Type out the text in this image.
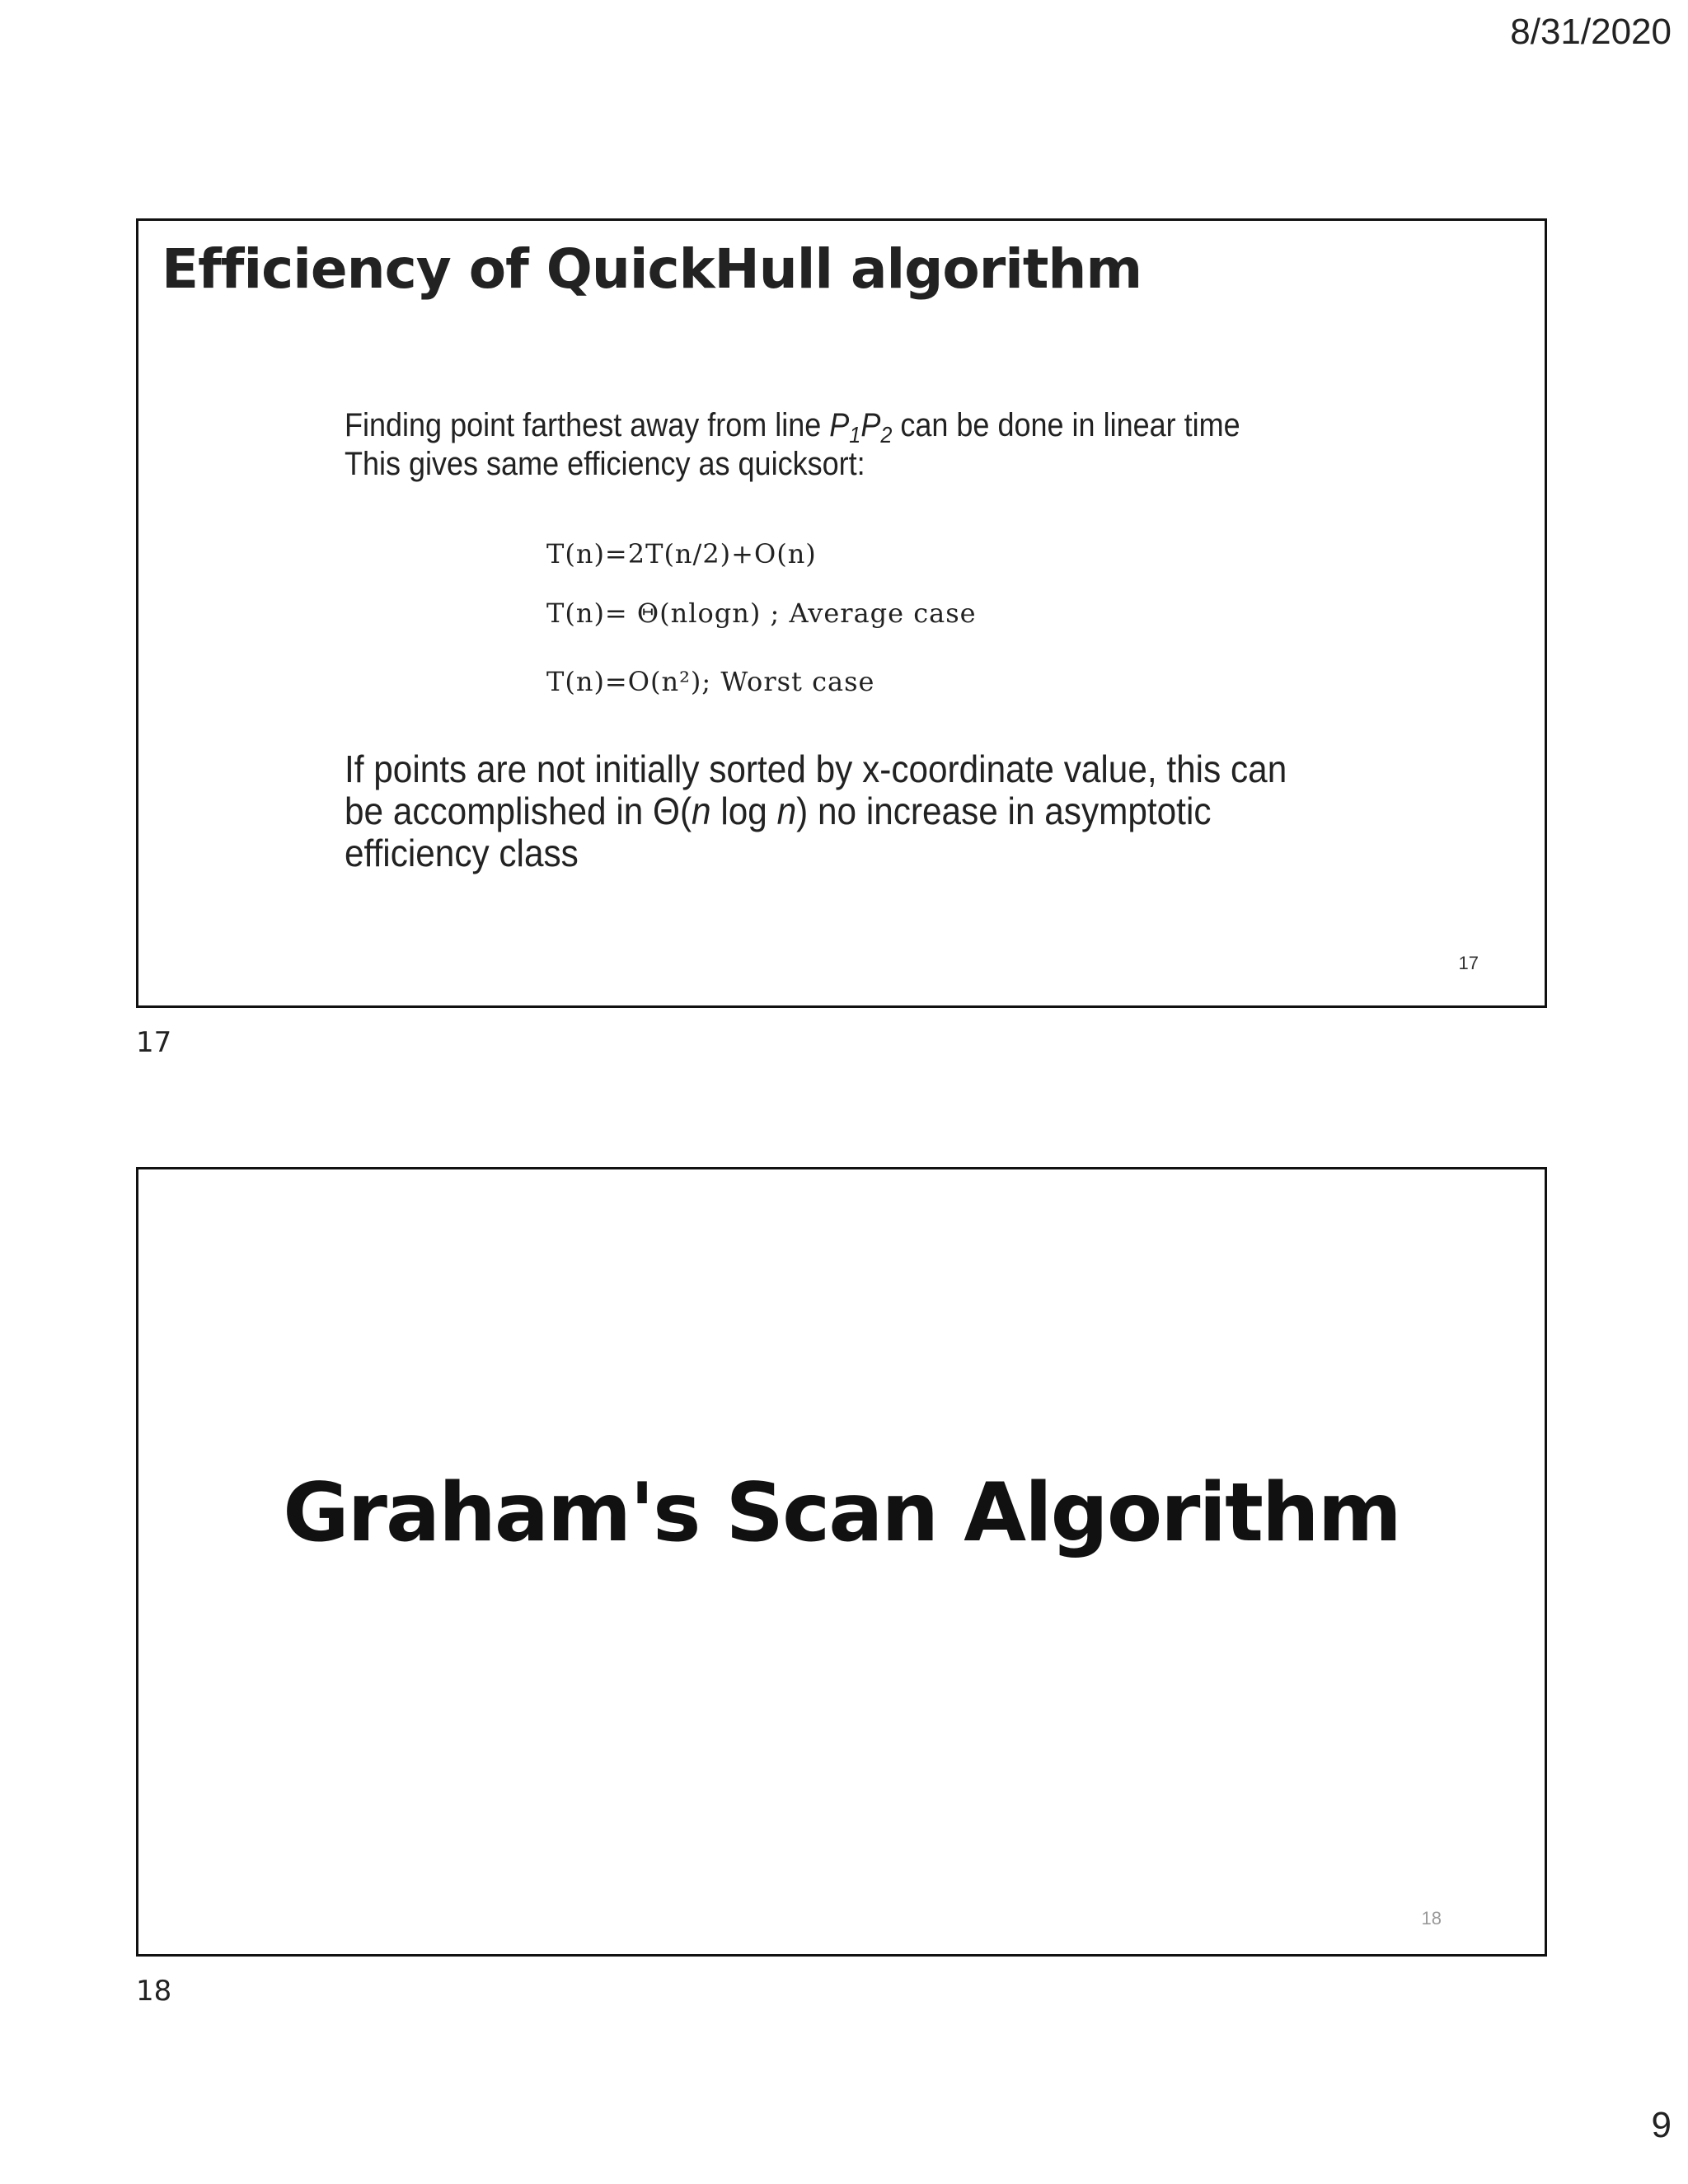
8/31/2020
Efficiency of QuickHull algorithm
Finding point farthest away from line $P_1P_2$ can be done in linear time
This gives same efficiency as quicksort:
T(n)=2T(n/2)+O(n)
T(n)= Θ(nlogn) ; Average case
T(n)=O(n²); Worst case
If points are not initially sorted by x-coordinate value, this can
be accomplished in Θ(n log n) no increase in asymptotic
efficiency class
17
17
Graham's Scan Algorithm
18
18
9
